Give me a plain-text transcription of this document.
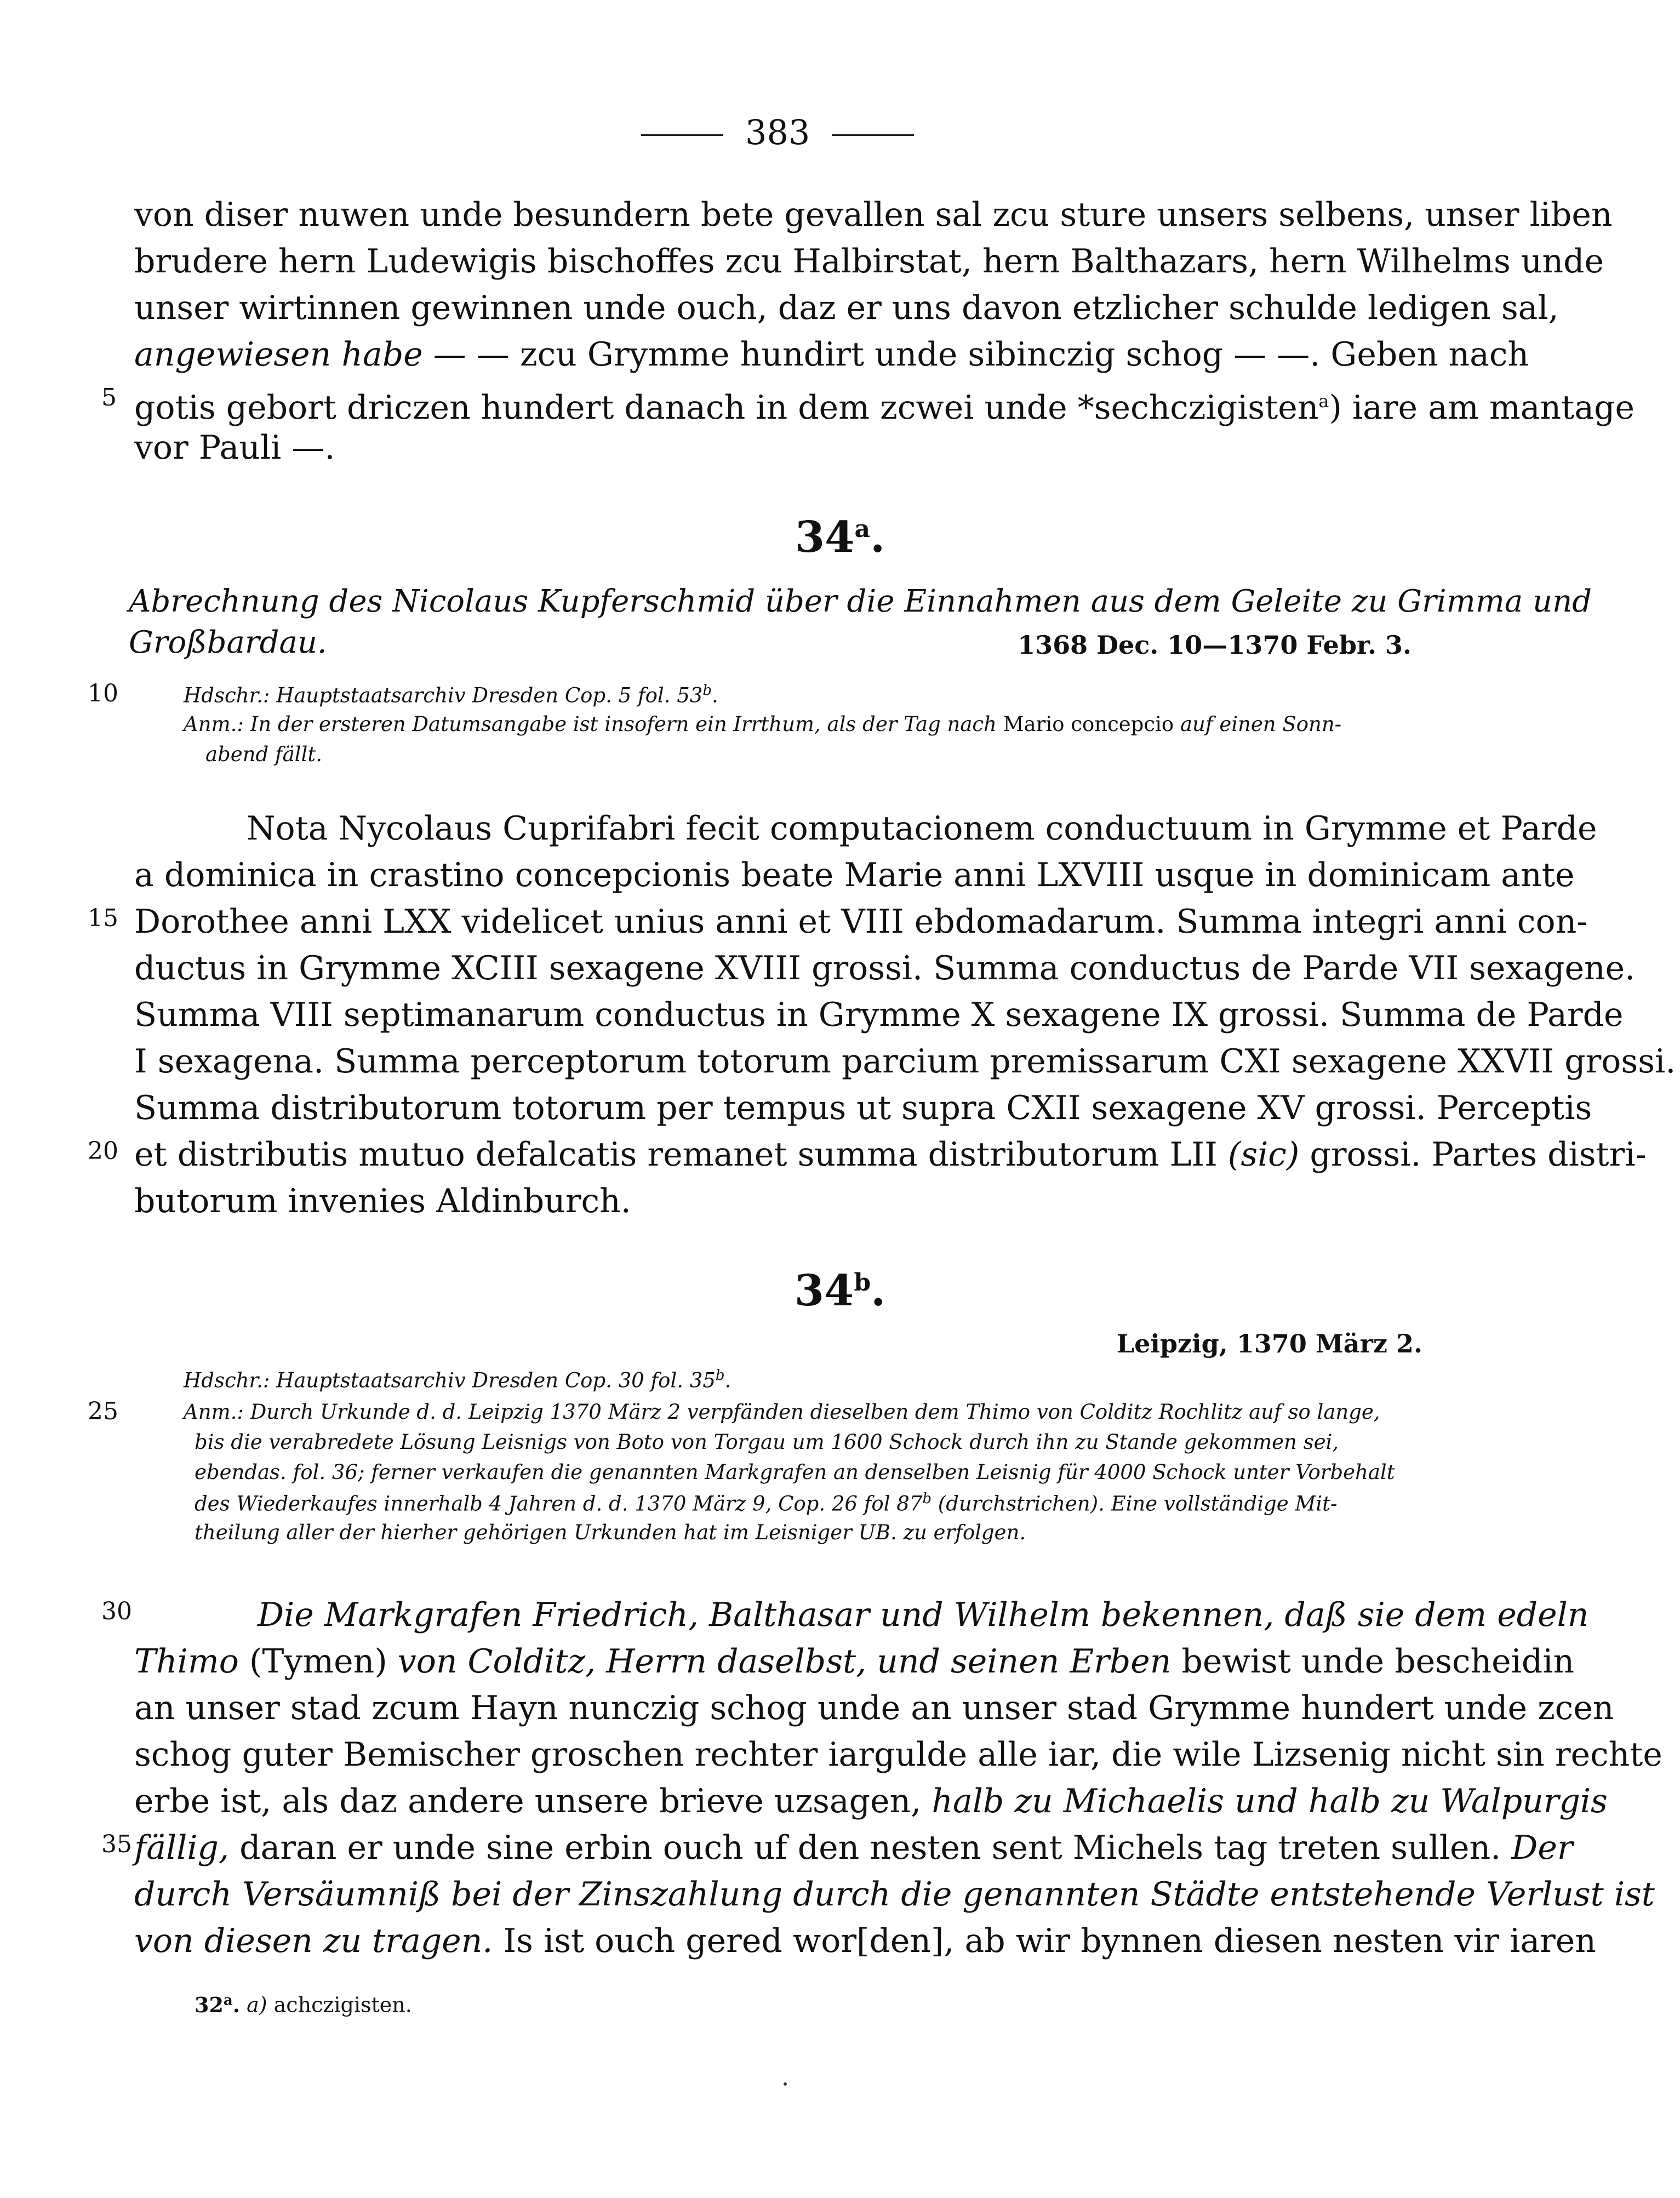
383
von diser nuwen unde besundern bete gevallen sal zcu sture unsers selbens, unser liben
brudere hern Ludewigis bischoffes zcu Halbirstat, hern Balthazars, hern Wilhelms unde
unser wirtinnen gewinnen unde ouch, daz er uns davon etzlicher schulde ledigen sal,
angewiesen habe — — zcu Grymme hundirt unde sibinczig schog — —. Geben nach
5 gotis gebort driczen hundert danach in dem zcwei unde *sechczigisten$^a$) iare am mantage
vor Pauli —.
34$^a$.
Abrechnung des Nicolaus Kupferschmid über die Einnahmen aus dem Geleite zu Grimma und
Großbardau.	1368 Dec. 10—1370 Febr. 3.
10	Hdschr.: Hauptstaatsarchiv Dresden Cop. 5 fol. 53$^b$.
Anm.: In der ersteren Datumsangabe ist insofern ein Irrthum, als der Tag nach Mario concepcio auf einen Sonn-
abend fällt.
Nota Nycolaus Cuprifabri fecit computacionem conductuum in Grymme et Parde
a dominica in crastino concepcionis beate Marie anni LXVIII usque in dominicam ante
15 Dorothee anni LXX videlicet unius anni et VIII ebdomadarum. Summa integri anni con-
ductus in Grymme XCIII sexagene XVIII grossi. Summa conductus de Parde VII sexagene.
Summa VIII septimanarum conductus in Grymme X sexagene IX grossi. Summa de Parde
I sexagena. Summa perceptorum totorum parcium premissarum CXI sexagene XXVII grossi.
Summa distributorum totorum per tempus ut supra CXII sexagene XV grossi. Perceptis
20 et distributis mutuo defalcatis remanet summa distributorum LII (sic) grossi. Partes distri-
butorum invenies Aldinburch.
34$^b$.
Leipzig, 1370 März 2.
Hdschr.: Hauptstaatsarchiv Dresden Cop. 30 fol. 35$^b$.
25	Anm.: Durch Urkunde d. d. Leipzig 1370 März 2 verpfänden dieselben dem Thimo von Colditz Rochlitz auf so lange,
bis die verabredete Lösung Leisnigs von Boto von Torgau um 1600 Schock durch ihn zu Stande gekommen sei,
ebendas. fol. 36; ferner verkaufen die genannten Markgrafen an denselben Leisnig für 4000 Schock unter Vorbehalt
des Wiederkaufes innerhalb 4 Jahren d. d. 1370 März 9, Cop. 26 fol 87$^b$ (durchstrichen). Eine vollständige Mit-
theilung aller der hierher gehörigen Urkunden hat im Leisniger UB. zu erfolgen.
30	Die Markgrafen Friedrich, Balthasar und Wilhelm bekennen, daß sie dem edeln
Thimo (Tymen) von Colditz, Herrn daselbst, und seinen Erben bewist unde bescheidin
an unser stad zcum Hayn nunczig schog unde an unser stad Grymme hundert unde zcen
schog guter Bemischer groschen rechter iargulde alle iar, die wile Lizsenig nicht sin rechte
erbe ist, als daz andere unsere brieve uzsagen, halb zu Michaelis und halb zu Walpurgis
35 fällig, daran er unde sine erbin ouch uf den nesten sent Michels tag treten sullen. Der
durch Versäumniß bei der Zinszahlung durch die genannten Städte entstehende Verlust ist
von diesen zu tragen. Is ist ouch gered wor[den], ab wir bynnen diesen nesten vir iaren
32$^a$. a) achczigisten.
